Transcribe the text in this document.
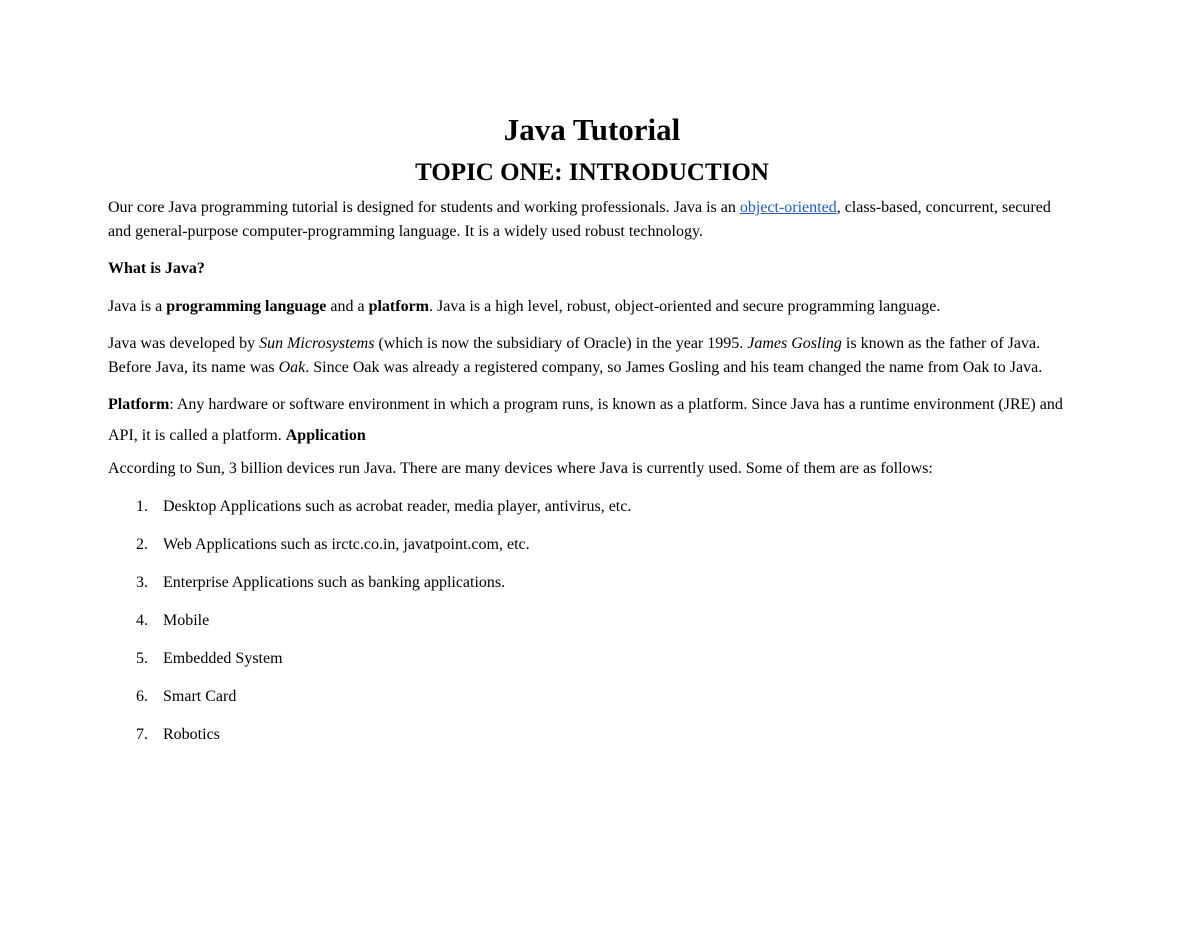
Java Tutorial
TOPIC ONE: INTRODUCTION

Our core Java programming tutorial is designed for students and working professionals. Java is an object-oriented, class-based, concurrent, secured and general-purpose computer-programming language. It is a widely used robust technology.

What is Java?

Java is a programming language and a platform. Java is a high level, robust, object-oriented and secure programming language.

Java was developed by Sun Microsystems (which is now the subsidiary of Oracle) in the year 1995. James Gosling is known as the father of Java. Before Java, its name was Oak. Since Oak was already a registered company, so James Gosling and his team changed the name from Oak to Java.

Platform: Any hardware or software environment in which a program runs, is known as a platform. Since Java has a runtime environment (JRE) and API, it is called a platform. Application

According to Sun, 3 billion devices run Java. There are many devices where Java is currently used. Some of them are as follows:

1. Desktop Applications such as acrobat reader, media player, antivirus, etc.
2. Web Applications such as irctc.co.in, javatpoint.com, etc.
3. Enterprise Applications such as banking applications.
4. Mobile
5. Embedded System
6. Smart Card
7. Robotics
